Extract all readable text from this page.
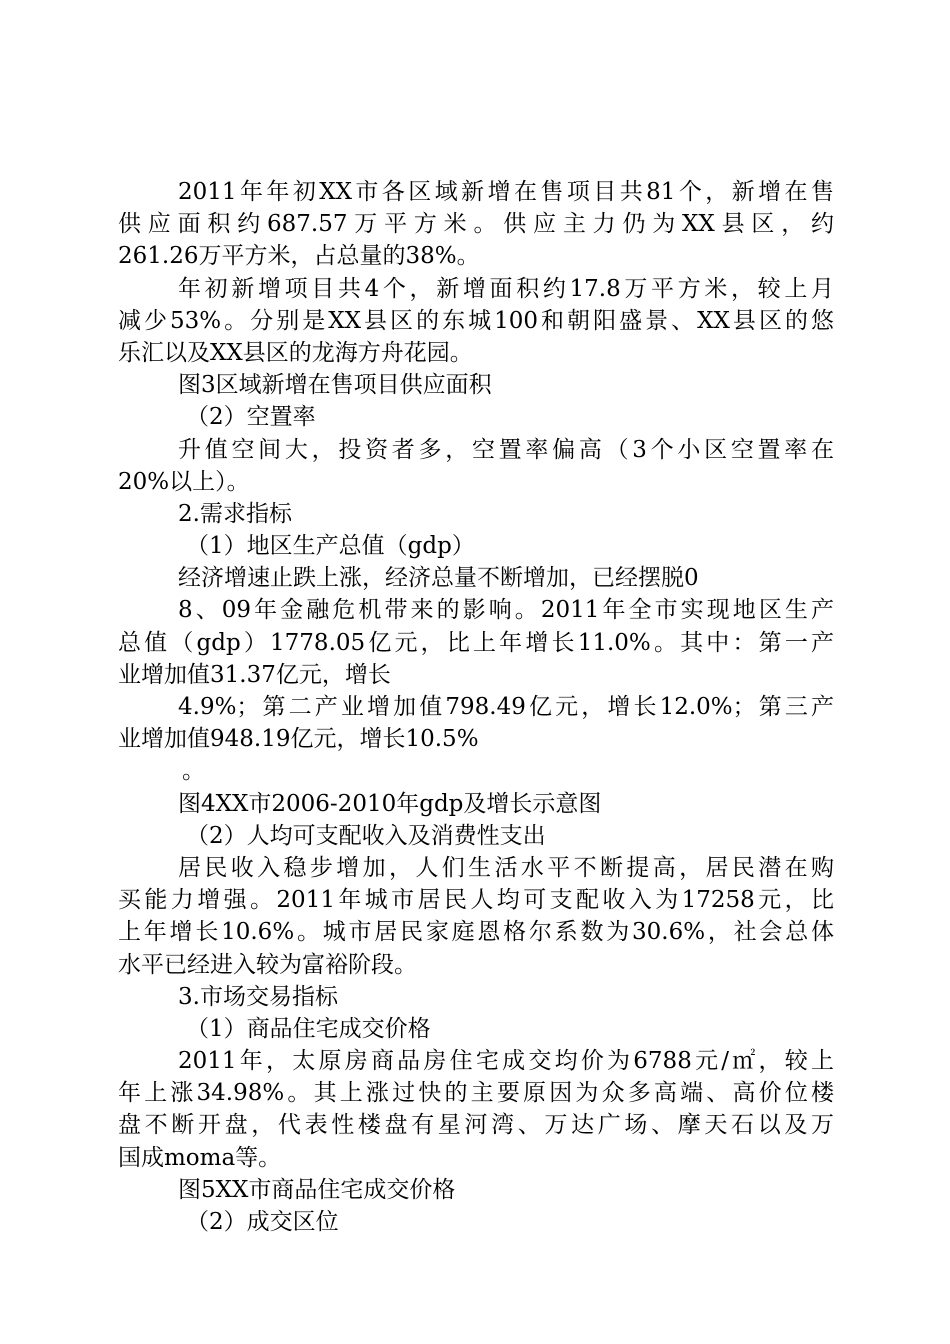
2011年年初XX市各区域新增在售项目共81个，新增在售
供应面积约687.57万平方米。供应主力仍为XX县区，约
261.26万平方米，占总量的38%。
年初新增项目共4个，新增面积约17.8万平方米，较上月
减少53%。分别是XX县区的东城100和朝阳盛景、XX县区的悠
乐汇以及XX县区的龙海方舟花园。
图3区域新增在售项目供应面积
（2）空置率
升值空间大，投资者多，空置率偏高（3个小区空置率在
20%以上）。
2.需求指标
（1）地区生产总值（gdp）
经济增速止跌上涨，经济总量不断增加，已经摆脱0
8、09年金融危机带来的影响。2011年全市实现地区生产
总值（gdp）1778.05亿元，比上年增长11.0%。其中：第一产
业增加值31.37亿元，增长
4.9%；第二产业增加值798.49亿元，增长12.0%；第三产
业增加值948.19亿元，增长10.5%
。
图4XX市2006-2010年gdp及增长示意图
（2）人均可支配收入及消费性支出
居民收入稳步增加，人们生活水平不断提高，居民潜在购
买能力增强。2011年城市居民人均可支配收入为17258元，比
上年增长10.6%。城市居民家庭恩格尔系数为30.6%，社会总体
水平已经进入较为富裕阶段。
3.市场交易指标
（1）商品住宅成交价格
2011年，太原房商品房住宅成交均价为6788元/㎡，较上
年上涨34.98%。其上涨过快的主要原因为众多高端、高价位楼
盘不断开盘，代表性楼盘有星河湾、万达广场、摩天石以及万
国成moma等。
图5XX市商品住宅成交价格
（2）成交区位
